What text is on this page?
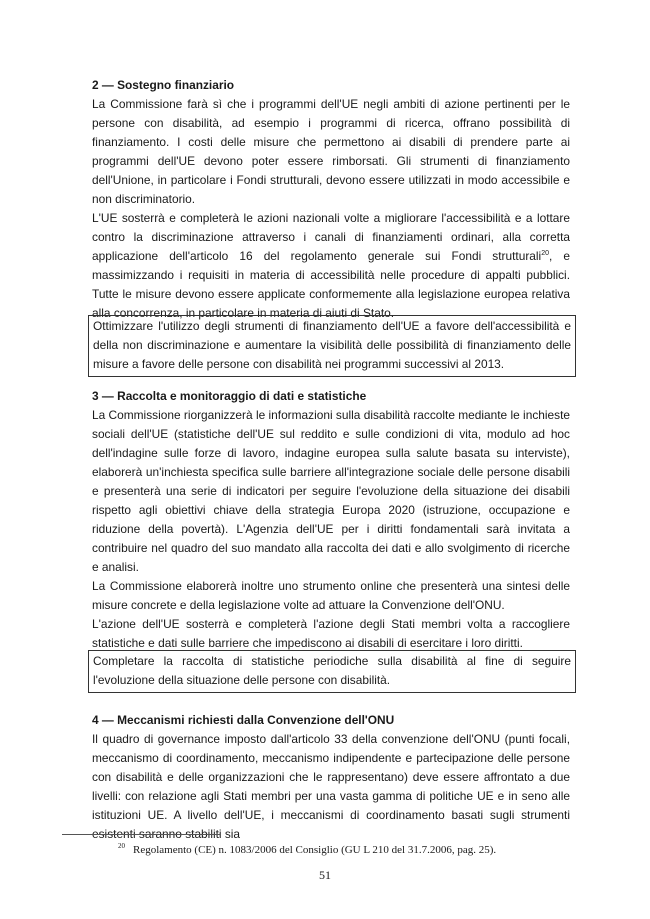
2 — Sostegno finanziario

La Commissione farà sì che i programmi dell'UE negli ambiti di azione pertinenti per le persone con disabilità, ad esempio i programmi di ricerca, offrano possibilità di finanziamento. I costi delle misure che permettono ai disabili di prendere parte ai programmi dell'UE devono poter essere rimborsati. Gli strumenti di finanziamento dell'Unione, in particolare i Fondi strutturali, devono essere utilizzati in modo accessibile e non discriminatorio.

L'UE sosterrà e completerà le azioni nazionali volte a migliorare l'accessibilità e a lottare contro la discriminazione attraverso i canali di finanziamenti ordinari, alla corretta applicazione dell'articolo 16 del regolamento generale sui Fondi strutturali$^{20}$, e massimizzando i requisiti in materia di accessibilità nelle procedure di appalti pubblici. Tutte le misure devono essere applicate conformemente alla legislazione europea relativa alla concorrenza, in particolare in materia di aiuti di Stato.

Ottimizzare l'utilizzo degli strumenti di finanziamento dell'UE a favore dell'accessibilità e della non discriminazione e aumentare la visibilità delle possibilità di finanziamento delle misure a favore delle persone con disabilità nei programmi successivi al 2013.

3 — Raccolta e monitoraggio di dati e statistiche

La Commissione riorganizzerà le informazioni sulla disabilità raccolte mediante le inchieste sociali dell'UE (statistiche dell'UE sul reddito e sulle condizioni di vita, modulo ad hoc dell'indagine sulle forze di lavoro, indagine europea sulla salute basata su interviste), elaborerà un'inchiesta specifica sulle barriere all'integrazione sociale delle persone disabili e presenterà una serie di indicatori per seguire l'evoluzione della situazione dei disabili rispetto agli obiettivi chiave della strategia Europa 2020 (istruzione, occupazione e riduzione della povertà). L'Agenzia dell'UE per i diritti fondamentali sarà invitata a contribuire nel quadro del suo mandato alla raccolta dei dati e allo svolgimento di ricerche e analisi.

La Commissione elaborerà inoltre uno strumento online che presenterà una sintesi delle misure concrete e della legislazione volte ad attuare la Convenzione dell'ONU.

L'azione dell'UE sosterrà e completerà l'azione degli Stati membri volta a raccogliere statistiche e dati sulle barriere che impediscono ai disabili di esercitare i loro diritti.

Completare la raccolta di statistiche periodiche sulla disabilità al fine di seguire l'evoluzione della situazione delle persone con disabilità.

4 — Meccanismi richiesti dalla Convenzione dell'ONU

Il quadro di governance imposto dall'articolo 33 della convenzione dell'ONU (punti focali, meccanismo di coordinamento, meccanismo indipendente e partecipazione delle persone con disabilità e delle organizzazioni che le rappresentano) deve essere affrontato a due livelli: con relazione agli Stati membri per una vasta gamma di politiche UE e in seno alle istituzioni UE. A livello dell'UE, i meccanismi di coordinamento basati sugli strumenti esistenti saranno stabiliti sia

$^{20}$ Regolamento (CE) n. 1083/2006 del Consiglio (GU L 210 del 31.7.2006, pag. 25).
51
